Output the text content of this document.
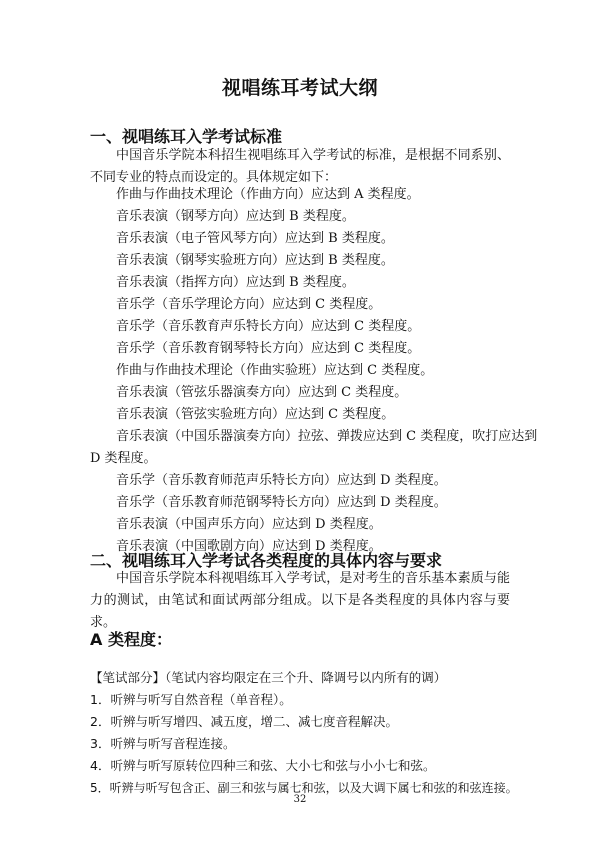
视唱练耳考试大纲
一、视唱练耳入学考试标准
中国音乐学院本科招生视唱练耳入学考试的标准，是根据不同系别、不同专业的特点而设定的。具体规定如下：
作曲与作曲技术理论（作曲方向）应达到 A 类程度。
音乐表演（钢琴方向）应达到 B 类程度。
音乐表演（电子管风琴方向）应达到 B 类程度。
音乐表演（钢琴实验班方向）应达到 B 类程度。
音乐表演（指挥方向）应达到 B 类程度。
音乐学（音乐学理论方向）应达到 C 类程度。
音乐学（音乐教育声乐特长方向）应达到 C 类程度。
音乐学（音乐教育钢琴特长方向）应达到 C 类程度。
作曲与作曲技术理论（作曲实验班）应达到 C 类程度。
音乐表演（管弦乐器演奏方向）应达到 C 类程度。
音乐表演（管弦实验班方向）应达到 C 类程度。
音乐表演（中国乐器演奏方向）拉弦、弹拨应达到 C 类程度，吹打应达到
D 类程度。
音乐学（音乐教育师范声乐特长方向）应达到 D 类程度。
音乐学（音乐教育师范钢琴特长方向）应达到 D 类程度。
音乐表演（中国声乐方向）应达到 D 类程度。
音乐表演（中国歌剧方向）应达到 D 类程度。
二、视唱练耳入学考试各类程度的具体内容与要求
中国音乐学院本科视唱练耳入学考试，是对考生的音乐基本素质与能力的测试，由笔试和面试两部分组成。以下是各类程度的具体内容与要求。
A 类程度：
【笔试部分】（笔试内容均限定在三个升、降调号以内所有的调）
1．听辨与听写自然音程（单音程）。
2．听辨与听写增四、减五度，增二、减七度音程解决。
3．听辨与听写音程连接。
4．听辨与听写原转位四种三和弦、大小七和弦与小小七和弦。
5．听辨与听写包含正、副三和弦与属七和弦，以及大调下属七和弦的和弦连接。
32
